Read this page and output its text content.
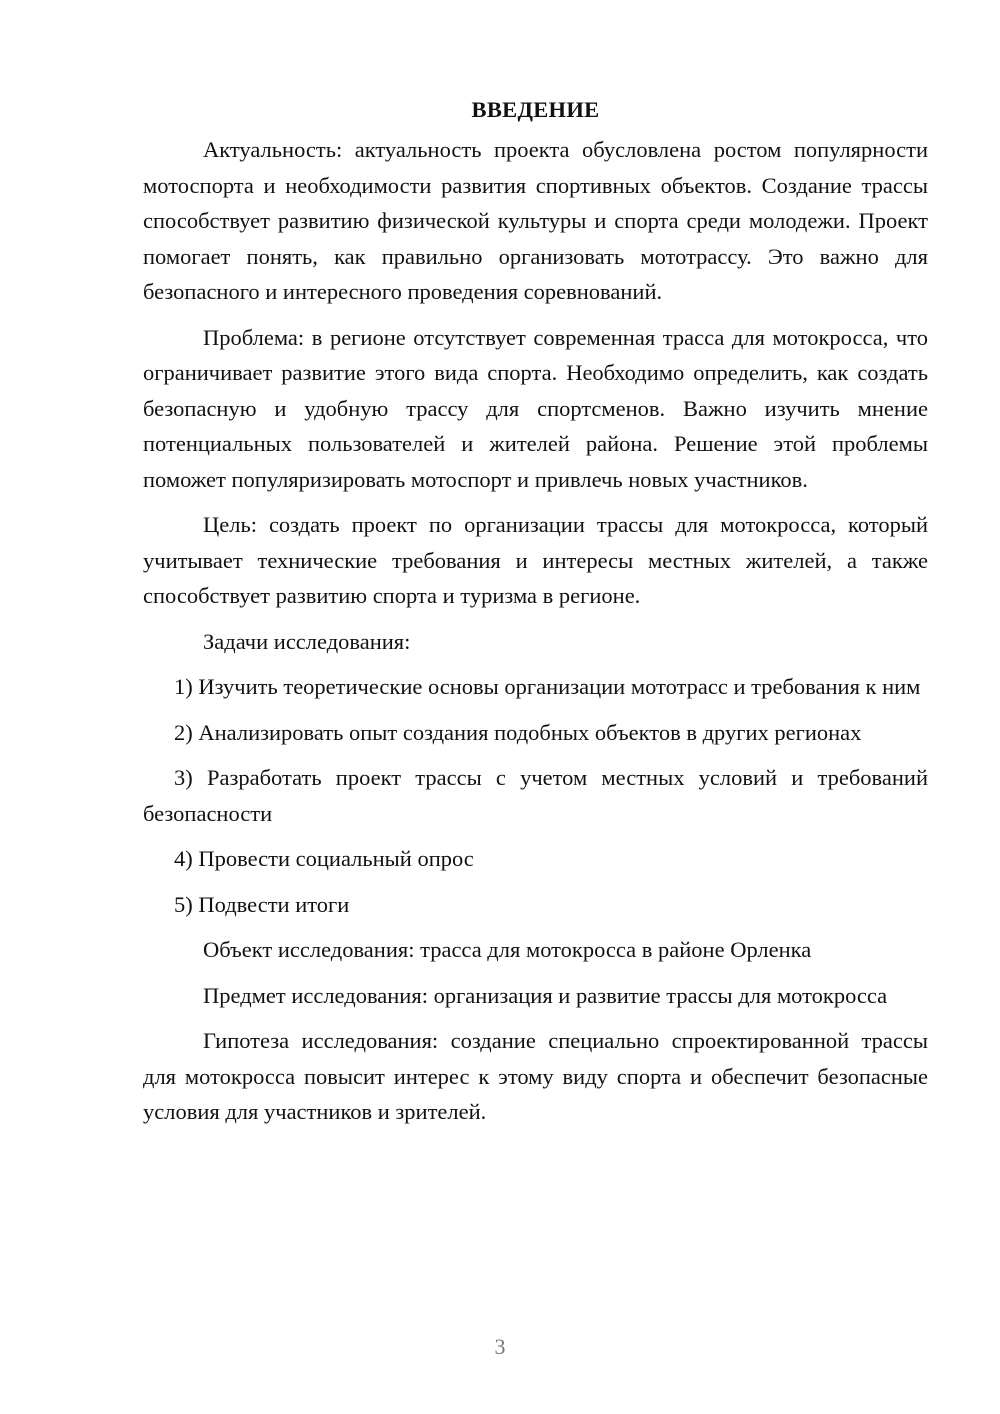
ВВЕДЕНИЕ

Актуальность: актуальность проекта обусловлена ростом популярности мотоспорта и необходимости развития спортивных объектов. Создание трассы способствует развитию физической культуры и спорта среди молодежи. Проект помогает понять, как правильно организовать мототрассу. Это важно для безопасного и интересного проведения соревнований.

Проблема: в регионе отсутствует современная трасса для мотокросса, что ограничивает развитие этого вида спорта. Необходимо определить, как создать безопасную и удобную трассу для спортсменов. Важно изучить мнение потенциальных пользователей и жителей района. Решение этой проблемы поможет популяризировать мотоспорт и привлечь новых участников.

Цель: создать проект по организации трассы для мотокросса, который учитывает технические требования и интересы местных жителей, а также способствует развитию спорта и туризма в регионе.

Задачи исследования:

1) Изучить теоретические основы организации мототрасс и требования к ним

2) Анализировать опыт создания подобных объектов в других регионах

3) Разработать проект трассы с учетом местных условий и требований безопасности

4) Провести социальный опрос

5) Подвести итоги

Объект исследования: трасса для мотокросса в районе Орленка

Предмет исследования: организация и развитие трассы для мотокросса

Гипотеза исследования: создание специально спроектированной трассы для мотокросса повысит интерес к этому виду спорта и обеспечит безопасные условия для участников и зрителей.

3
